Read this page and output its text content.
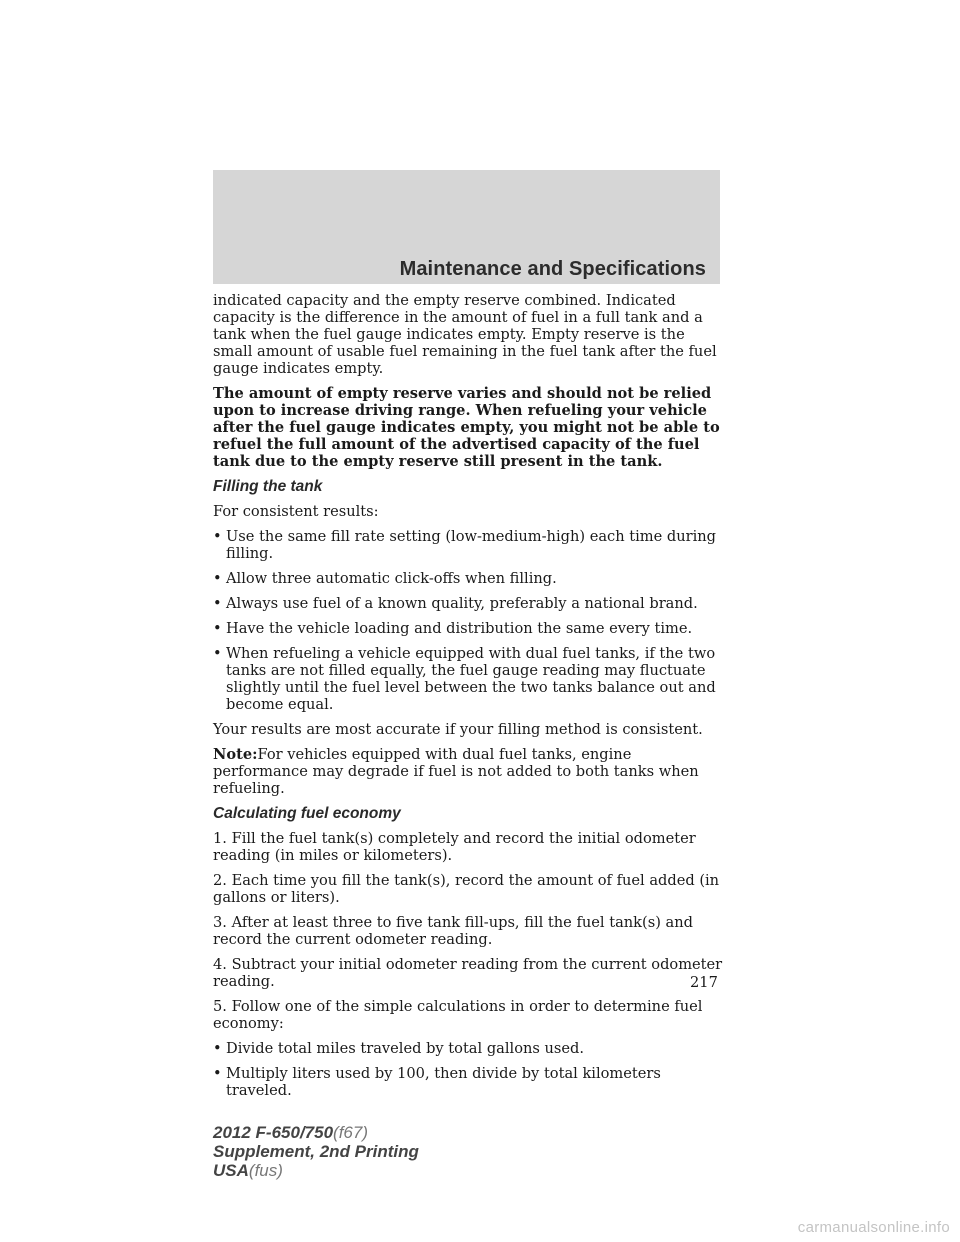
Maintenance and Specifications

indicated capacity and the empty reserve combined. Indicated capacity is the difference in the amount of fuel in a full tank and a tank when the fuel gauge indicates empty. Empty reserve is the small amount of usable fuel remaining in the fuel tank after the fuel gauge indicates empty.

The amount of empty reserve varies and should not be relied upon to increase driving range. When refueling your vehicle after the fuel gauge indicates empty, you might not be able to refuel the full amount of the advertised capacity of the fuel tank due to the empty reserve still present in the tank.

Filling the tank

For consistent results:

• Use the same fill rate setting (low-medium-high) each time during filling.
• Allow three automatic click-offs when filling.
• Always use fuel of a known quality, preferably a national brand.
• Have the vehicle loading and distribution the same every time.
• When refueling a vehicle equipped with dual fuel tanks, if the two tanks are not filled equally, the fuel gauge reading may fluctuate slightly until the fuel level between the two tanks balance out and become equal.

Your results are most accurate if your filling method is consistent.

Note:For vehicles equipped with dual fuel tanks, engine performance may degrade if fuel is not added to both tanks when refueling.

Calculating fuel economy

1. Fill the fuel tank(s) completely and record the initial odometer reading (in miles or kilometers).

2. Each time you fill the tank(s), record the amount of fuel added (in gallons or liters).

3. After at least three to five tank fill-ups, fill the fuel tank(s) and record the current odometer reading.

4. Subtract your initial odometer reading from the current odometer reading.

5. Follow one of the simple calculations in order to determine fuel economy:

• Divide total miles traveled by total gallons used.
• Multiply liters used by 100, then divide by total kilometers traveled.
217
2012 F-650/750(f67)
Supplement, 2nd Printing
USA(fus)
carmanualsonline.info
